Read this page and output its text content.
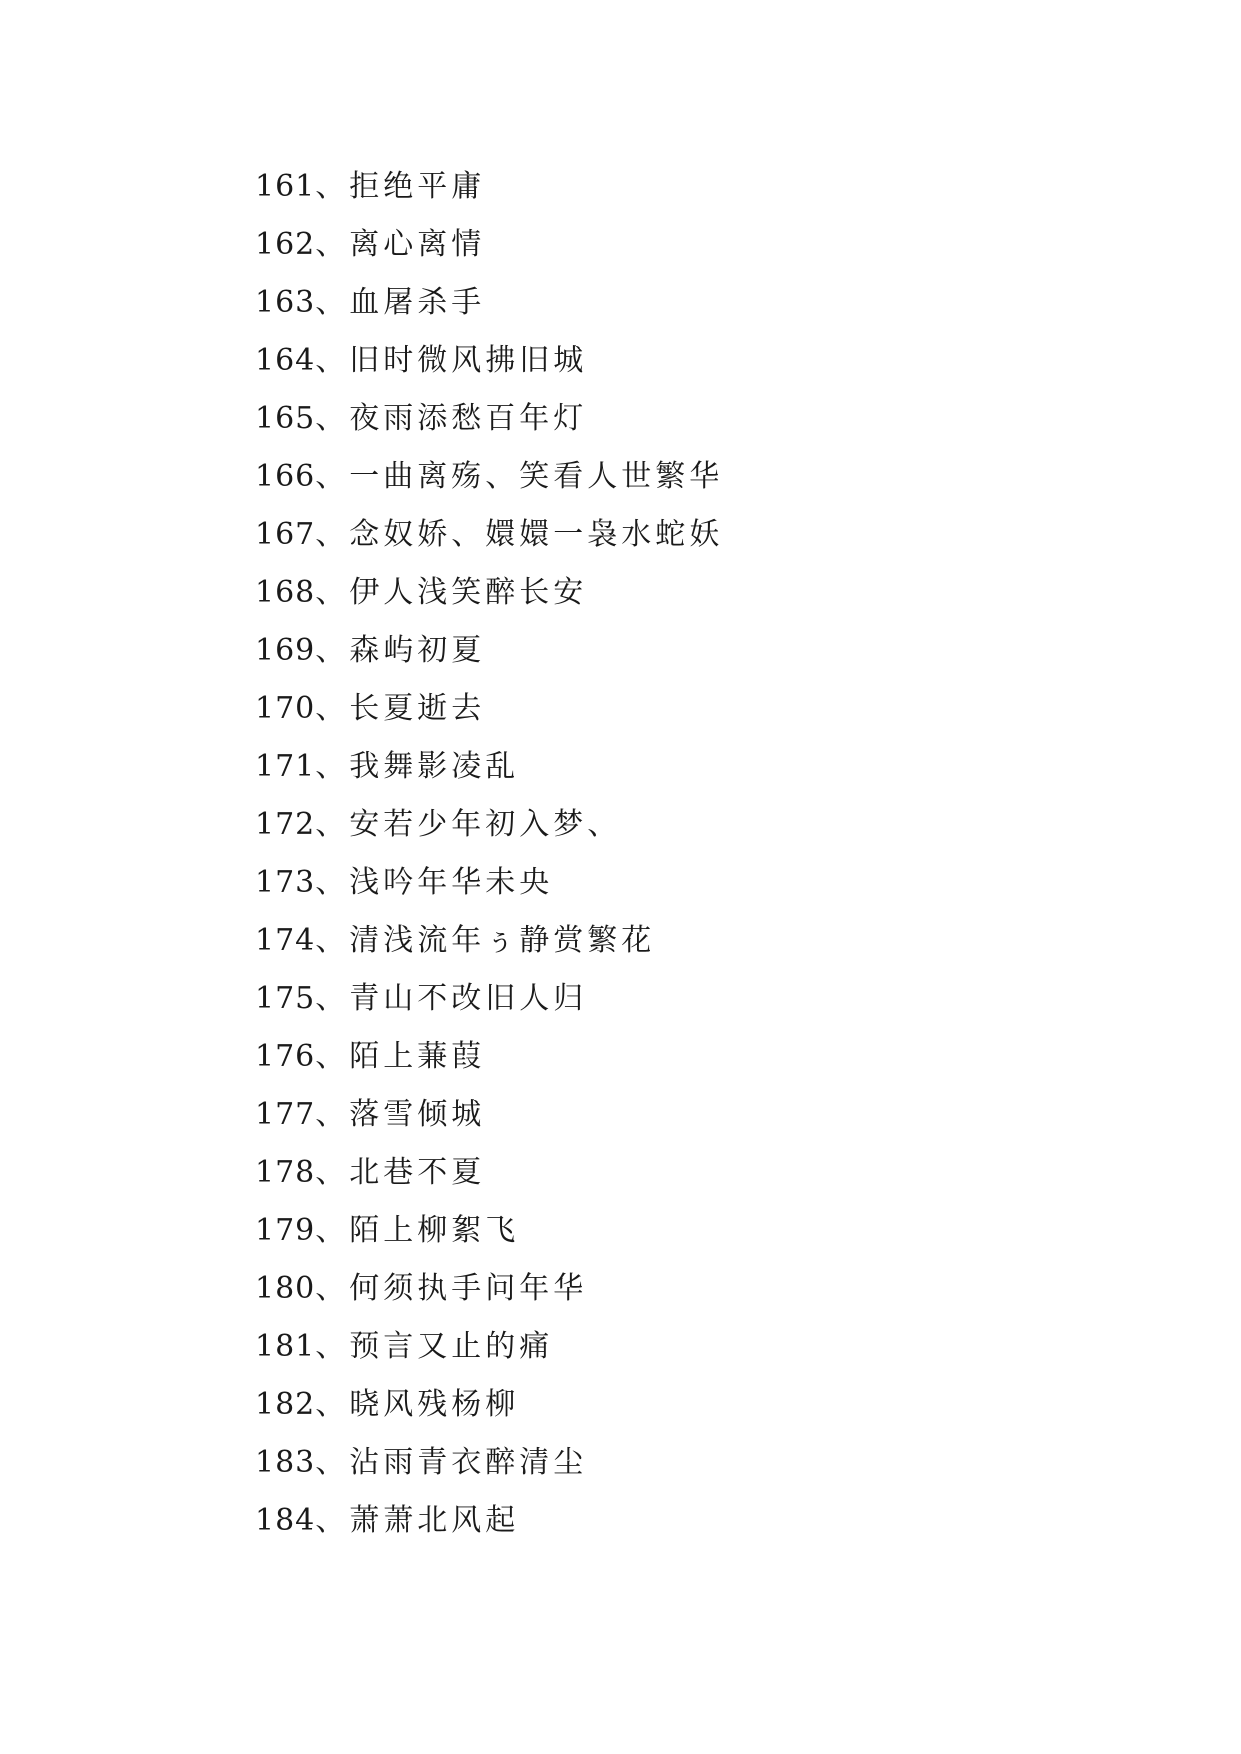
161、拒绝平庸
162、离心离情
163、血屠杀手
164、旧时微风拂旧城
165、夜雨添愁百年灯
166、一曲离殇、笑看人世繁华
167、念奴娇、嬛嬛一袅水蛇妖
168、伊人浅笑醉长安
169、森屿初夏
170、长夏逝去
171、我舞影凌乱
172、安若少年初入梦、
173、浅吟年华未央
174、清浅流年ぅ静赏繁花
175、青山不改旧人归
176、陌上蒹葭
177、落雪倾城
178、北巷不夏
179、陌上柳絮飞
180、何须执手问年华
181、预言又止的痛
182、晓风残杨柳
183、沾雨青衣醉清尘
184、萧萧北风起
